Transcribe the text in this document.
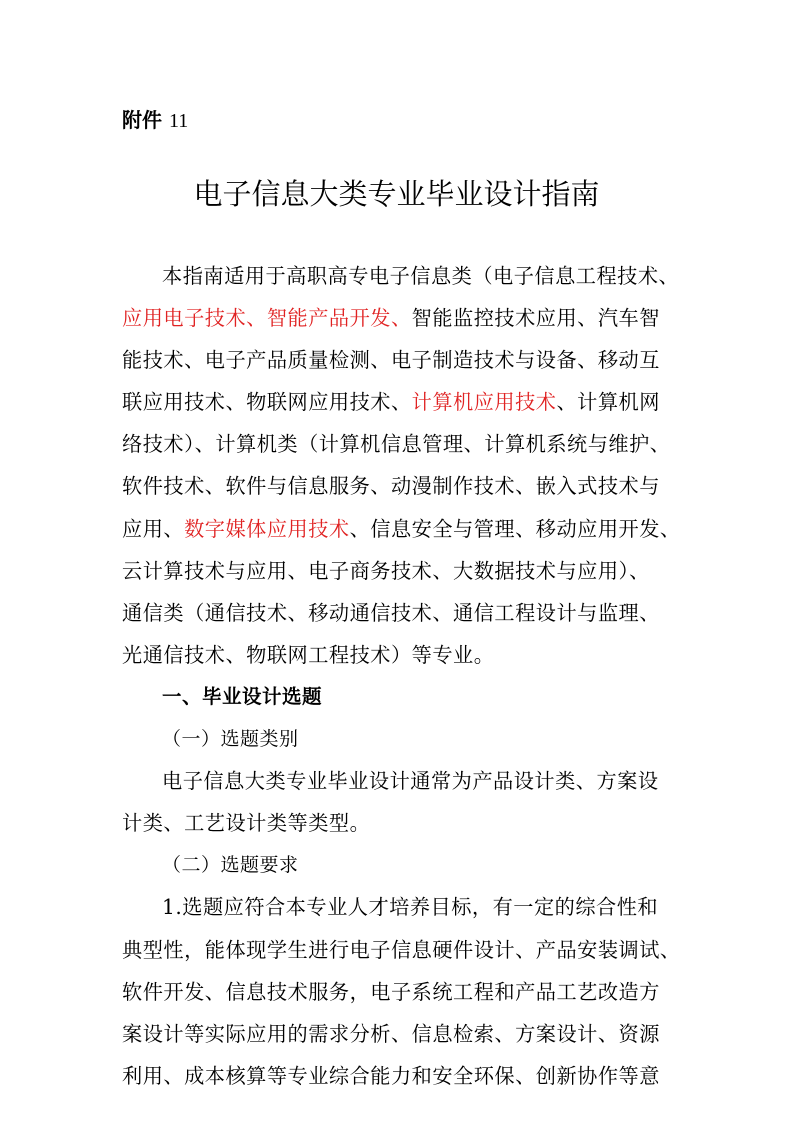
附件 11
电子信息大类专业毕业设计指南
本指南适用于高职高专电子信息类（电子信息工程技术、
应用电子技术、智能产品开发、智能监控技术应用、汽车智
能技术、电子产品质量检测、电子制造技术与设备、移动互
联应用技术、物联网应用技术、计算机应用技术、计算机网
络技术）、计算机类（计算机信息管理、计算机系统与维护、
软件技术、软件与信息服务、动漫制作技术、嵌入式技术与
应用、数字媒体应用技术、信息安全与管理、移动应用开发、
云计算技术与应用、电子商务技术、大数据技术与应用）、
通信类（通信技术、移动通信技术、通信工程设计与监理、
光通信技术、物联网工程技术）等专业。
一、毕业设计选题
（一）选题类别
电子信息大类专业毕业设计通常为产品设计类、方案设
计类、工艺设计类等类型。
（二）选题要求
1.选题应符合本专业人才培养目标，有一定的综合性和
典型性，能体现学生进行电子信息硬件设计、产品安装调试、
软件开发、信息技术服务，电子系统工程和产品工艺改造方
案设计等实际应用的需求分析、信息检索、方案设计、资源
利用、成本核算等专业综合能力和安全环保、创新协作等意
